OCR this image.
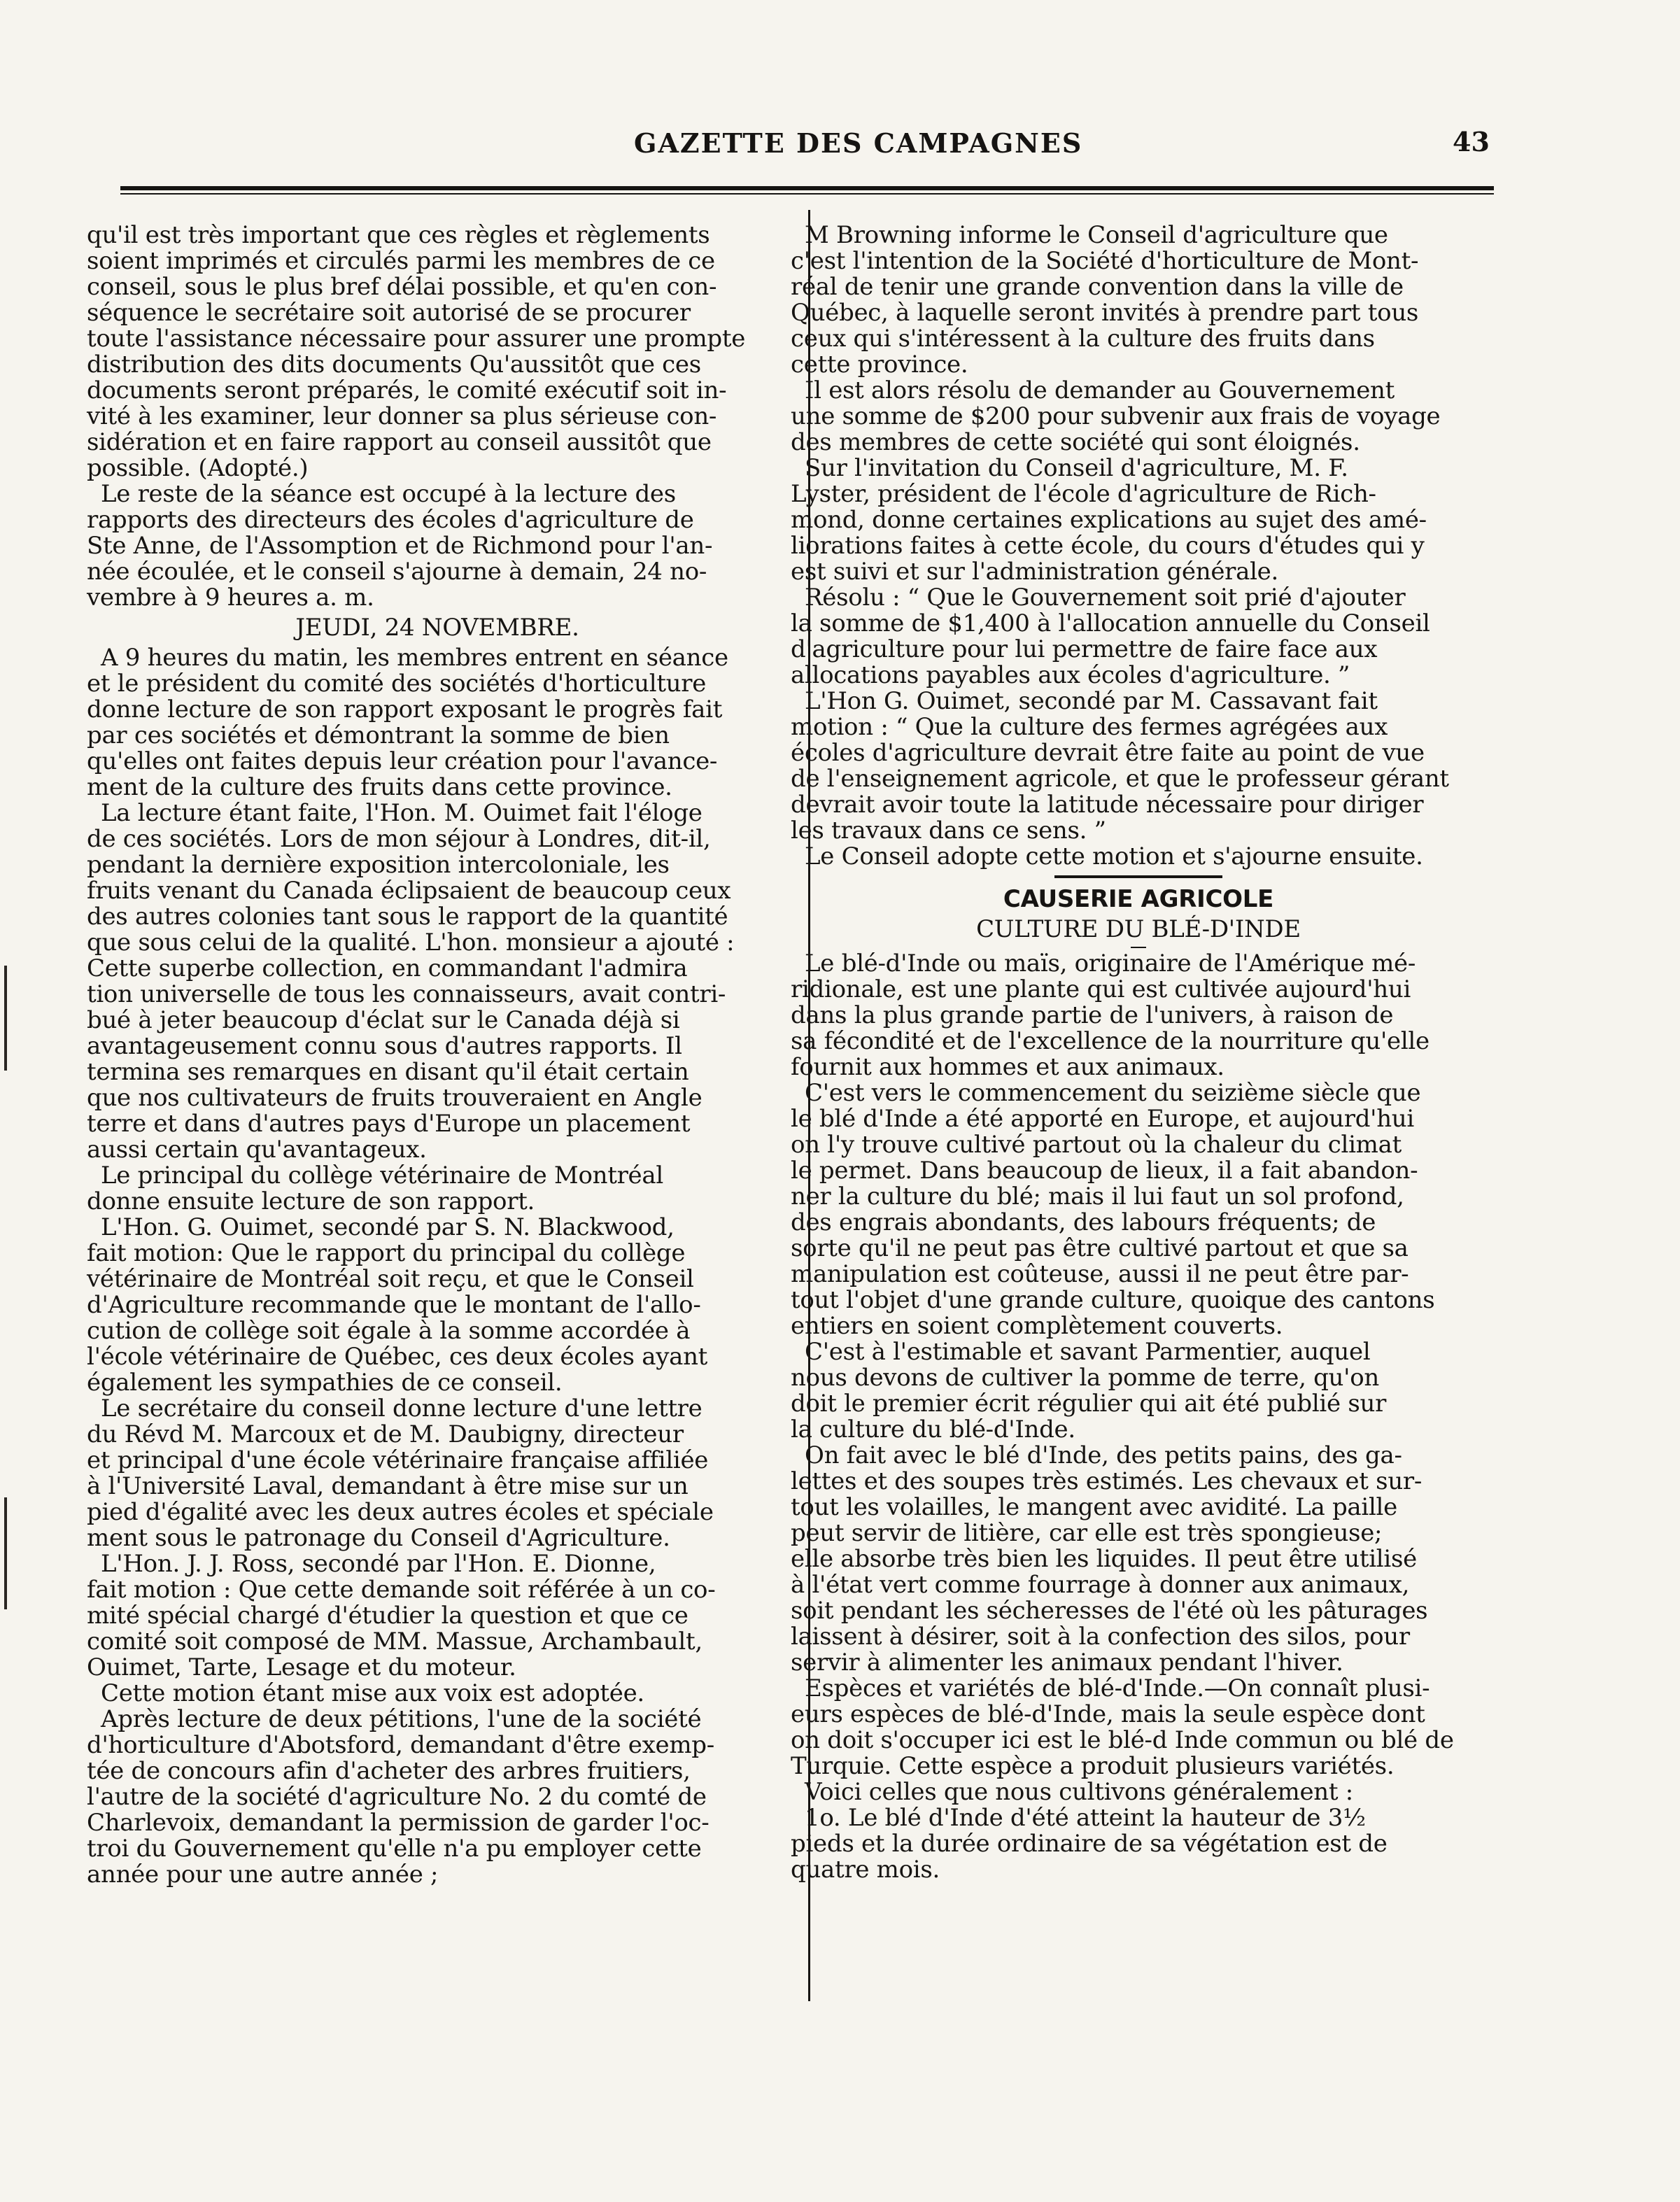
43
GAZETTE DES CAMPAGNES
qu'il est très important que ces règles et règlements
soient imprimés et circulés parmi les membres de ce
conseil, sous le plus bref délai possible, et qu'en con-
séquence le secrétaire soit autorisé de se procurer
toute l'assistance nécessaire pour assurer une prompte
distribution des dits documents Qu'aussitôt que ces
documents seront préparés, le comité exécutif soit in-
vité à les examiner, leur donner sa plus sérieuse con-
sidération et en faire rapport au conseil aussitôt que
possible. (Adopté.)
Le reste de la séance est occupé à la lecture des
rapports des directeurs des écoles d'agriculture de
Ste Anne, de l'Assomption et de Richmond pour l'an-
née écoulée, et le conseil s'ajourne à demain, 24 no-
vembre à 9 heures a. m.
JEUDI, 24 NOVEMBRE.
A 9 heures du matin, les membres entrent en séance
et le président du comité des sociétés d'horticulture
donne lecture de son rapport exposant le progrès fait
par ces sociétés et démontrant la somme de bien
qu'elles ont faites depuis leur création pour l'avance-
ment de la culture des fruits dans cette province.
La lecture étant faite, l'Hon. M. Ouimet fait l'éloge
de ces sociétés. Lors de mon séjour à Londres, dit-il,
pendant la dernière exposition intercoloniale, les
fruits venant du Canada éclipsaient de beaucoup ceux
des autres colonies tant sous le rapport de la quantité
que sous celui de la qualité. L'hon. monsieur a ajouté :
Cette superbe collection, en commandant l'admira
tion universelle de tous les connaisseurs, avait contri-
bué à jeter beaucoup d'éclat sur le Canada déjà si
avantageusement connu sous d'autres rapports. Il
termina ses remarques en disant qu'il était certain
que nos cultivateurs de fruits trouveraient en Angle
terre et dans d'autres pays d'Europe un placement
aussi certain qu'avantageux.
Le principal du collège vétérinaire de Montréal
donne ensuite lecture de son rapport.
L'Hon. G. Ouimet, secondé par S. N. Blackwood,
fait motion: Que le rapport du principal du collège
vétérinaire de Montréal soit reçu, et que le Conseil
d'Agriculture recommande que le montant de l'allo-
cution de collège soit égale à la somme accordée à
l'école vétérinaire de Québec, ces deux écoles ayant
également les sympathies de ce conseil.
Le secrétaire du conseil donne lecture d'une lettre
du Révd M. Marcoux et de M. Daubigny, directeur
et principal d'une école vétérinaire française affiliée
à l'Université Laval, demandant à être mise sur un
pied d'égalité avec les deux autres écoles et spéciale
ment sous le patronage du Conseil d'Agriculture.
L'Hon. J. J. Ross, secondé par l'Hon. E. Dionne,
fait motion : Que cette demande soit référée à un co-
mité spécial chargé d'étudier la question et que ce
comité soit composé de MM. Massue, Archambault,
Ouimet, Tarte, Lesage et du moteur.
Cette motion étant mise aux voix est adoptée.
Après lecture de deux pétitions, l'une de la société
d'horticulture d'Abotsford, demandant d'être exemp-
tée de concours afin d'acheter des arbres fruitiers,
l'autre de la société d'agriculture No. 2 du comté de
Charlevoix, demandant la permission de garder l'oc-
troi du Gouvernement qu'elle n'a pu employer cette
année pour une autre année ;
M Browning informe le Conseil d'agriculture que
c'est l'intention de la Société d'horticulture de Mont-
réal de tenir une grande convention dans la ville de
Québec, à laquelle seront invités à prendre part tous
ceux qui s'intéressent à la culture des fruits dans
cette province.
Il est alors résolu de demander au Gouvernement
une somme de $200 pour subvenir aux frais de voyage
des membres de cette société qui sont éloignés.
Sur l'invitation du Conseil d'agriculture, M. F.
Lyster, président de l'école d'agriculture de Rich-
mond, donne certaines explications au sujet des amé-
liorations faites à cette école, du cours d'études qui y
est suivi et sur l'administration générale.
Résolu : “ Que le Gouvernement soit prié d'ajouter
la somme de $1,400 à l'allocation annuelle du Conseil
d'agriculture pour lui permettre de faire face aux
allocations payables aux écoles d'agriculture. ”
L'Hon G. Ouimet, secondé par M. Cassavant fait
motion : “ Que la culture des fermes agrégées aux
écoles d'agriculture devrait être faite au point de vue
de l'enseignement agricole, et que le professeur gérant
devrait avoir toute la latitude nécessaire pour diriger
les travaux dans ce sens. ”
Le Conseil adopte cette motion et s'ajourne ensuite.
CAUSERIE AGRICOLE
CULTURE DU BLÉ-D'INDE
Le blé-d'Inde ou maïs, originaire de l'Amérique mé-
ridionale, est une plante qui est cultivée aujourd'hui
dans la plus grande partie de l'univers, à raison de
sa fécondité et de l'excellence de la nourriture qu'elle
fournit aux hommes et aux animaux.
C'est vers le commencement du seizième siècle que
le blé d'Inde a été apporté en Europe, et aujourd'hui
on l'y trouve cultivé partout où la chaleur du climat
le permet. Dans beaucoup de lieux, il a fait abandon-
ner la culture du blé; mais il lui faut un sol profond,
des engrais abondants, des labours fréquents; de
sorte qu'il ne peut pas être cultivé partout et que sa
manipulation est coûteuse, aussi il ne peut être par-
tout l'objet d'une grande culture, quoique des cantons
entiers en soient complètement couverts.
C'est à l'estimable et savant Parmentier, auquel
nous devons de cultiver la pomme de terre, qu'on
doit le premier écrit régulier qui ait été publié sur
la culture du blé-d'Inde.
On fait avec le blé d'Inde, des petits pains, des ga-
lettes et des soupes très estimés. Les chevaux et sur-
tout les volailles, le mangent avec avidité. La paille
peut servir de litière, car elle est très spongieuse;
elle absorbe très bien les liquides. Il peut être utilisé
à l'état vert comme fourrage à donner aux animaux,
soit pendant les sécheresses de l'été où les pâturages
laissent à désirer, soit à la confection des silos, pour
servir à alimenter les animaux pendant l'hiver.
Espèces et variétés de blé-d'Inde.—On connaît plusi-
eurs espèces de blé-d'Inde, mais la seule espèce dont
on doit s'occuper ici est le blé-d Inde commun ou blé de
Turquie. Cette espèce a produit plusieurs variétés.
Voici celles que nous cultivons généralement :
1o. Le blé d'Inde d'été atteint la hauteur de 3½
pieds et la durée ordinaire de sa végétation est de
quatre mois.
